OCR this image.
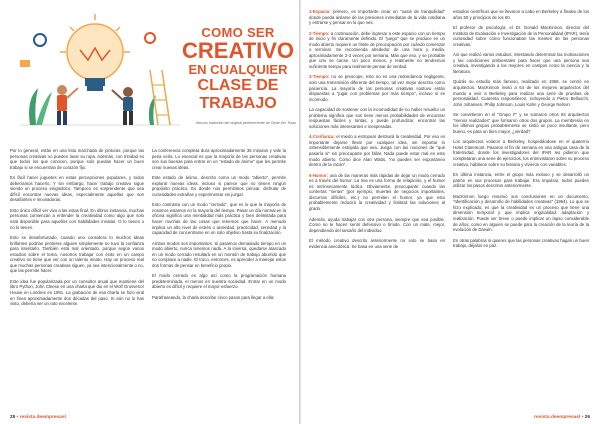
COMO SER
CREATIVO
EN CUALQUIER
CLASE DE TRABAJO
Artículo traducido del original perteneciente de Omar Ibrr Troas

Por lo general, están en una lista marchada de pinturas, porque las personas creativas no pueden lavar su ropa. Además, con trinidad es que todos los que conocen, porque solo puedan hacer un buen trabajo si se encuentran de corazón fijo.

Es fácil hacer juguetes en estas percepciones populares, y todos deberíamos hacerlo. Y sin embargo, hacer trabajo creativo sigue siendo un proceso enigmático. Tampoco es sorprendente que sea difícil encontrar nuevas ideas, especialmente aquellas que son desafiantes e innovadoras.

Esto único difícil ver vivo a las estas final. En último instancia, muchas personas comienzan a entender la creatividad como algo que solo está disponible para aquellos con habilidades innatas. O lo tienes o no lo tienes.

Esto se desafortunado, cuando uno considera lo muchos ideas brillantes podrían perderse alguien simplemente no tuvo la confianza para intentarlo. También está mal orientado, porque según varios estudios sobre el tema, nosotros trabajar con éxito en un campo creativo no tiene que ver con un talento innato. Hay un proceso real que muchas personas creativas siguen, ya sea intencionalmente o no, que las permite hacer.

Este idea fue popularizada por un consultor anual que mantiene del libro Python, John Cleese en una charla que dio en el Wolf Grosvenor House en Londres en 1991. La grabación de esa charla se hizo viral en línea aproximadamente dos décadas del paso. Si aún no lo has visto, debería ser un rato excelente.

La conferencia completa dura aproximadamente 35 minutos y vale la pena verla. Lo esencial es que la mayoría de las personas creativas son sus buenas para entrar en un "estado de ánimo" que les permite crear nuevas ideas.

Este estado de ánimo, descrito como un modo "abierto", permite explorar nuevas ideas, incluso si parece que no tienen ningún propósito práctico. Es donde nos permitimos pensar, disfrutar de curiosidades extrañas y experimentar sin juzgar.

Esto contrasta con un modo "cerrado", que es lo que la mayoría de nosotros estamos en la mayoría del tiempo. Pasar un día normal en la oficina significa una mentalidad más práctica y bien delimitada para hacer muchas de las cosas que tenemos que hacer. A menudo implica un alto nivel de estrés o ansiedad, practicidad, seriedad y la capacidad de concentrarse en un solo objetivo hasta su finalización.

Ambos modos son importantes. Si pasamos demasiado tiempo en un modo abierto, nunca tenemos nada. A la inversa, quedarse atascado en un modo cerrado resultará en un montón de trabajo aburrido que no complace a nadie. El truco, entonces, es aprender a manejar estos dos formas de pensar en beneficio propio.

El modo cerrado es algo así como la programación humana predeterminada, el menos en nuestra sociedad. Entrar en un modo abierto es difícil y requiere el mayor esfuerzo.

Parafraseando, la charla describe cinco pasos para llegar a ella:

25 • revista deempresasl

1-Espacio: primero, es importante crear un "oasis de tranquilidad" donde pueda aislarse de las presiones inmediatas de la vida cotidiana y entrarse y pensar en lo que ves.

2-Tiempo: a continuación, debe ingresar a este espacio con un tiempo de inicio y fin claramente definido. El "juego" que se produce en un modo abierto requiere un límite de preocupación por cuándo comenzar o terminar. Se recomienda alrededor de una hora y media, aproximadamente 2-3 veces por semana. Más que eso, y se probable que uno se canse. Un poco menos, y realmente no tendremos suficiente tiempo para realmente pensar de verdad.

3-Tiempo: no se preocupe, esto no es una redundancia negligente, solo una transmisión diferente del tiempo, tal vez mejor descrito como paciencia. La mayoría de las personas creativas sostuvo están dispuestas a "jugar con problemas por más tiempo", incluso si es incómodo.

La capacidad de sostener con la incomodidad de no haber resuelto un problema significa que son tiene menos probabilidades de encontrar respuestas fáciles y tontas, y puede profundizar, encontrar las soluciones más interesantes e inesperadas.

4-Confianza: el miedo a estropear destruirá la creatividad. Por eso es importante dejarse llevar por cualquier idea, sin importar lo ostensiblemente estúpida que sea. Juega con las nociones de "qué pasaría si" sin preocuparte por fallar. Nada puede estar mal en este modo abierto. Como dice Alan Watts, "no puedes ser espontáneo dentro de la razón".

5-Humor: una de las maneras más rápidas de dejar un modo cerrado es a través del humor. La risa es una forma de relajación, y el humor es intrínsecamente lúdico. Obviamente, preocupante cuando las contertas "serias" (por ejemplo, muertes de negocios importantes, discursos difíciles, etc.) no permiten el humor, ya que esto probablemente reducirá la creatividad y limitará las soluciones al grado.

Además, ayuda trabajar con otra persona, siempre que sea posible. Como no te hacen sentir defensivo o tímido. Con un mate, mejor, dependiendo del tamaño del individuo.

El método creativo descrito anteriormente no solo se basa en evidencia anecdótica. Se basa en una serie de

estudios científicos que se llevaron a cabo en Berkeley a finales de los años 50 y principios de los 60.

El profesor de psicología, el Dr. Donald MacKinnon, director del Instituto de Evaluación e Investigación de la Personalidad (IPAR), tenía curiosidad sobre cómo funcionaban las mentes de las personas creativas.

Así que realizó varios estudios, intentando determinar las motivaciones y las condiciones ambientales para hacer que una persona sea creativa, investigando a los mejores en campos como la ciencia y la literatura.

Quizás su estudio más famoso, realizado en 1958, se centró en arquitectos. MacKinnon invitó a 64 de los mejores arquitectos del mundo a vivir a Berkeley para realizar una serie de pruebas de personalidad. Cuarenta respondieron, incluyendo a Pietro Belluschi, John Johansen, Philip Johnson, Louis Kahn y George Nelson.

Se convirtieron en el "Grupo F" y se sumaron otros 84 arquitectos "menos realizados" que formaron otros dos grupos. La membresía en los últimos grupos probablemente se sintió un poco insultante, pero bueno, es para un bien mayor, ¿verdad?

Los arquitectos volaron a Berkeley, hospedándose en el quaterno Hotel Claremont. Pasaron el fin de semana en una antigua casa de la fraternidad, donde los investigadores del IPAR les pidieron que completaran una serie de ejercicios, los entrevistaron sobre su proceso creativo, hablaron sobre su historia y vivieron con variables.

En última instancia, entre el grupo más exitoso y se desarrolló un patrón en sus procesos para trabajar. Era impulsar, todos pueden utilizar los pasos descritos anteriormente.

MacKinnon luego resumió sus conclusiones en un documento, "Identificación y desarrollo de habilidades creativas" (1964). Lo que se hizo explicado, es que la creatividad es un proceso que tiene una dimensión temporal y que implica originalidad, adaptación y realización. Puede ser breve o puede implicar un lapso considerable de años, como en alguien se puede para la creación de la teoría de la evolución de Darwin.

En otras palabras si quieres que las personas creativas hagan un buen trabajo, déjalos en paz.

revista deempresasl • 26
